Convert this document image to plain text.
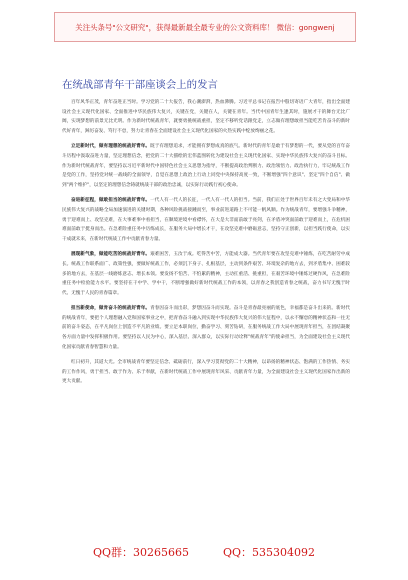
关注头条号"公文研究"，获得最新最全最专业的公文资料库！ 微信：gongwenj
在统战部青年干部座谈会上的发言

百年风华正茂，青年奋进正当时。学习党的二十大报告，我心潮澎湃，热血沸腾。习近平总书记在报告中殷切寄语广大青年，指出全面建设社会主义现代化国家、全面推进中华民族伟大复兴，关键在党，关键在人，关键在青年。当代中国青年生逢其时，施展才干的舞台无比广阔，实现梦想的前景无比光明。作为新时代统战青年，就要勇挑统战重担，坚定不移听党话跟党走，立志做有理想敢担当能吃苦肯奋斗的新时代好青年，踔厉奋发、笃行不怠，努力让青春在全面建设社会主义现代化国家的火热实践中绽放绚丽之花。

立足新时代，做有理想的统战好青年。既于有理想追求，才能拥有梦想成真的底气。新时代的青年是敢于有梦想的一代，要从党的百年奋斗历程中汲取奋进力量，坚定理想信念，把党的二十大描绘的宏伟蓝图转化为建设社会主义现代化国家、实现中华民族伟大复兴的奋斗目标。作为新时代统战青年，要坚持以习近平新时代中国特色社会主义思想为指导，不断提高政治判断力、政治领悟力、政治执行力，牢记统战工作是党的工作，坚持党对统一战线的全面领导，自觉在思想上政治上行动上同党中央保持高度一致，不断增强"四个意识"、坚定"四个自信"、做到"两个维护"，以坚定的理想信念铸就统战干部的政治忠诚，以实际行动践行初心使命。

奋进新征程，做敢担当的统战好青年。一代人有一代人的长征，一代人有一代人的担当。当前，我们正处于世界百年未有之大变局和中华民族伟大复兴的战略全局加速演进的关键时期，各种风险挑战接踵而至，事业前进道路上不可能一帆风顺。作为统战青年，要增强斗争精神，勇于迎难而上、攻坚克难，在大事难事中看担当，在顺境逆境中看襟怀，在大是大非面前敢于亮剑，在矛盾冲突面前敢于迎难而上，在危机困难面前敢于挺身而出。在急难险重任务中历练成长，在服务大局中增长才干，在攻坚克难中磨砺意志，坚持守正创新，以担当践行使命，以实干成就未来，在新时代统战工作中贡献青春力量。

展现新气象，做能吃苦的统战好青年。艰难困苦，玉汝于成。吃得苦中苦，方能成大器。当代青年要在攻坚克难中锤炼，在吃苦耐劳中成长。统战工作联系面广、政策性强，要做好统战工作，必须沉下身子、扎根基层，主动到条件艰苦、环境复杂的地方去，到矛盾集中、困难较多的地方去，在基层一线磨炼意志、增长本领。要发扬不怕苦、不怕累的精神，主动扛重活、挑重担，在艰苦环境中锤炼过硬作风，在急难险重任务中检验能力水平。要坚持在干中学、学中干，不断增强做好新时代统战工作的本领，以青春之我创造青春之统战，奋力书写无愧于时代、无愧于人民的青春篇章。

担当新使命，做肯奋斗的统战好青年。青春因奋斗而出彩，梦想因奋斗而实现。奋斗是青春最亮丽的底色，幸福都是奋斗出来的。新时代的统战青年，要把个人理想融入党和国家事业之中，把青春奋斗融入到实现中华民族伟大复兴的伟大征程中，以永不懈怠的精神状态和一往无前的奋斗姿态，在平凡岗位上创造不平凡的业绩。要立足本职岗位，勤奋学习、刻苦钻研，在服务统战工作大局中展现青年担当，在团结凝聚各方面力量中发挥积极作用。要坚持以人民为中心，深入基层、深入群众，以实际行动诠释"统战青年"的使命担当，为全面建设社会主义现代化国家贡献青春智慧和力量。

红日初升，其道大光。全市统战青年要坚定信念、砥砺前行，深入学习贯彻党的二十大精神，以昂扬的精神状态、饱满的工作热情、务实的工作作风，勇于担当、敢于作为、乐于奉献，在新时代统战工作中展现青年风采、贡献青年力量，为全面建设社会主义现代化国家作出新的更大贡献。

QQ群：30265665	QQ：535304092
